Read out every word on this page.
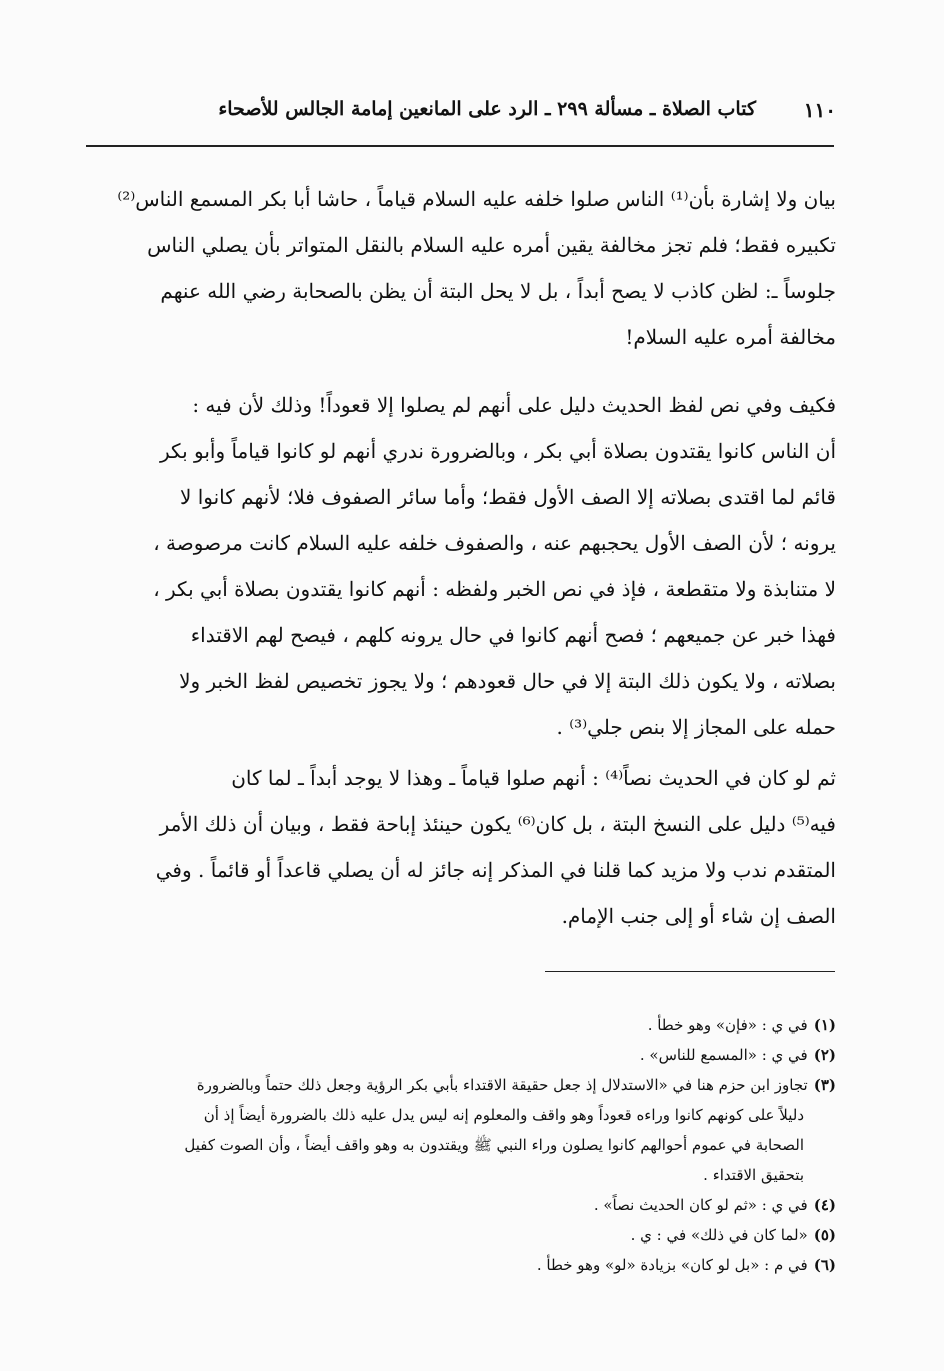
١١٠
كتاب الصلاة ـ مسألة ٢٩٩ ـ الرد على المانعين إمامة الجالس للأصحاء
بيان ولا إشارة بأن⁽¹⁾ الناس صلوا خلفه عليه السلام قياماً ، حاشا أبا بكر المسمع الناس⁽²⁾
تكبيره فقط؛ فلم تجز مخالفة يقين أمره عليه السلام بالنقل المتواتر بأن يصلي الناس
جلوساً ـ: لظن كاذب لا يصح أبداً ، بل لا يحل البتة أن يظن بالصحابة رضي الله عنهم
مخالفة أمره عليه السلام!
فكيف وفي نص لفظ الحديث دليل على أنهم لم يصلوا إلا قعوداً! وذلك لأن فيه :
أن الناس كانوا يقتدون بصلاة أبي بكر ، وبالضرورة ندري أنهم لو كانوا قياماً وأبو بكر
قائم لما اقتدى بصلاته إلا الصف الأول فقط؛ وأما سائر الصفوف فلا؛ لأنهم كانوا لا
يرونه ؛ لأن الصف الأول يحجبهم عنه ، والصفوف خلفه عليه السلام كانت مرصوصة ،
لا متنابذة ولا متقطعة ، فإذ في نص الخبر ولفظه : أنهم كانوا يقتدون بصلاة أبي بكر ،
فهذا خبر عن جميعهم ؛ فصح أنهم كانوا في حال يرونه كلهم ، فيصح لهم الاقتداء
بصلاته ، ولا يكون ذلك البتة إلا في حال قعودهم ؛ ولا يجوز تخصيص لفظ الخبر ولا
حمله على المجاز إلا بنص جلي⁽³⁾ .
ثم لو كان في الحديث نصاً⁽⁴⁾ : أنهم صلوا قياماً ـ وهذا لا يوجد أبداً ـ لما كان
فيه⁽⁵⁾ دليل على النسخ البتة ، بل كان⁽⁶⁾ يكون حينئذ إباحة فقط ، وبيان أن ذلك الأمر
المتقدم ندب ولا مزيد كما قلنا في المذكر إنه جائز له أن يصلي قاعداً أو قائماً . وفي
الصف إن شاء أو إلى جنب الإمام.
(١)في ي : «فإن» وهو خطأ .
(٢)في ي : «المسمع للناس» .
(٣)تجاوز ابن حزم هنا في «الاستدلال إذ جعل حقيقة الاقتداء بأبي بكر الرؤية وجعل ذلك حتماً وبالضرورة
دليلاً على كونهم كانوا وراءه قعوداً وهو واقف والمعلوم إنه ليس يدل عليه ذلك بالضرورة أيضاً إذ أن
الصحابة في عموم أحوالهم كانوا يصلون وراء النبي ﷺ ويقتدون به وهو واقف أيضاً ، وأن الصوت كفيل
بتحقيق الاقتداء .
(٤)في ي : «ثم لو كان الحديث نصاً» .
(٥)«لما كان في ذلك» في : ي .
(٦)في م : «بل لو كان» بزيادة «لو» وهو خطأ .
